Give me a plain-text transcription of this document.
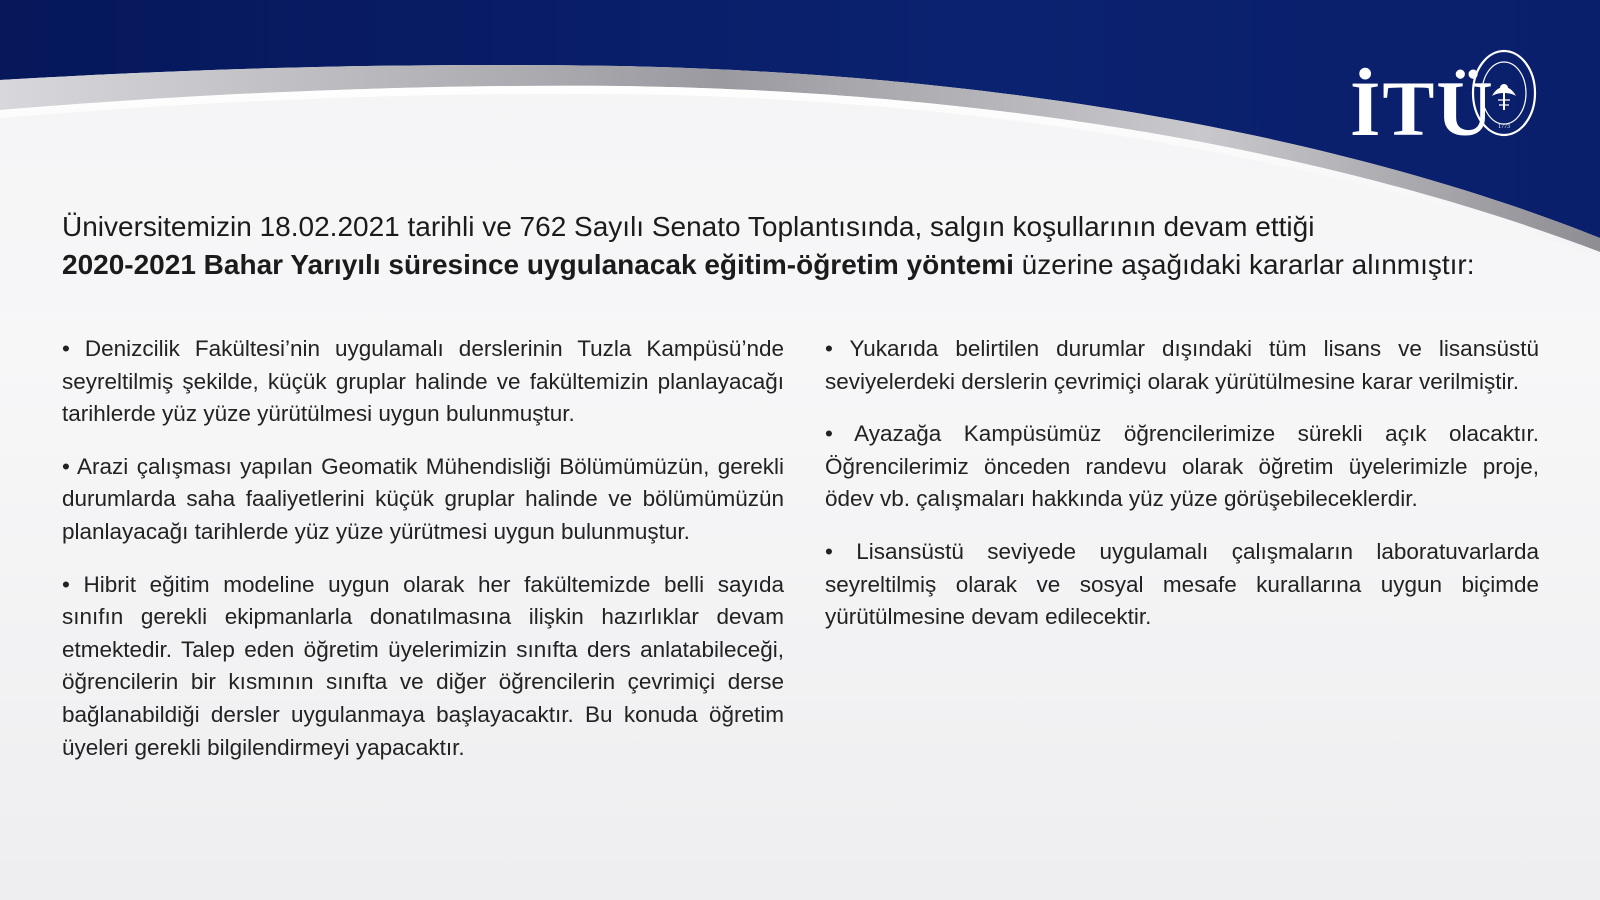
İTÜ 1773
Üniversitemizin 18.02.2021 tarihli ve 762 Sayılı Senato Toplantısında, salgın koşullarının devam ettiği
2020-2021 Bahar Yarıyılı süresince uygulanacak eğitim-öğretim yöntemi üzerine aşağıdaki kararlar alınmıştır:

• Denizcilik Fakültesi’nin uygulamalı derslerinin Tuzla Kampüsü’nde seyreltilmiş şekilde, küçük gruplar halinde ve fakültemizin planlayacağı tarihlerde yüz yüze yürütülmesi uygun bulunmuştur.

• Arazi çalışması yapılan Geomatik Mühendisliği Bölümümüzün, gerekli durumlarda saha faaliyetlerini küçük gruplar halinde ve bölümümüzün planlayacağı tarihlerde yüz yüze yürütmesi uygun bulunmuştur.

• Hibrit eğitim modeline uygun olarak her fakültemizde belli sayıda sınıfın gerekli ekipmanlarla donatılmasına ilişkin hazırlıklar devam etmektedir. Talep eden öğretim üyelerimizin sınıfta ders anlatabileceği, öğrencilerin bir kısmının sınıfta ve diğer öğrencilerin çevrimiçi derse bağlanabildiği dersler uygulanmaya başlayacaktır. Bu konuda öğretim üyeleri gerekli bilgilendirmeyi yapacaktır.

• Yukarıda belirtilen durumlar dışındaki tüm lisans ve lisansüstü seviyelerdeki derslerin çevrimiçi olarak yürütülmesine karar verilmiştir.

• Ayazağa Kampüsümüz öğrencilerimize sürekli açık olacaktır. Öğrencilerimiz önceden randevu olarak öğretim üyelerimizle proje, ödev vb. çalışmaları hakkında yüz yüze görüşebileceklerdir.

• Lisansüstü seviyede uygulamalı çalışmaların laboratuvarlarda seyreltilmiş olarak ve sosyal mesafe kurallarına uygun biçimde yürütülmesine devam edilecektir.
